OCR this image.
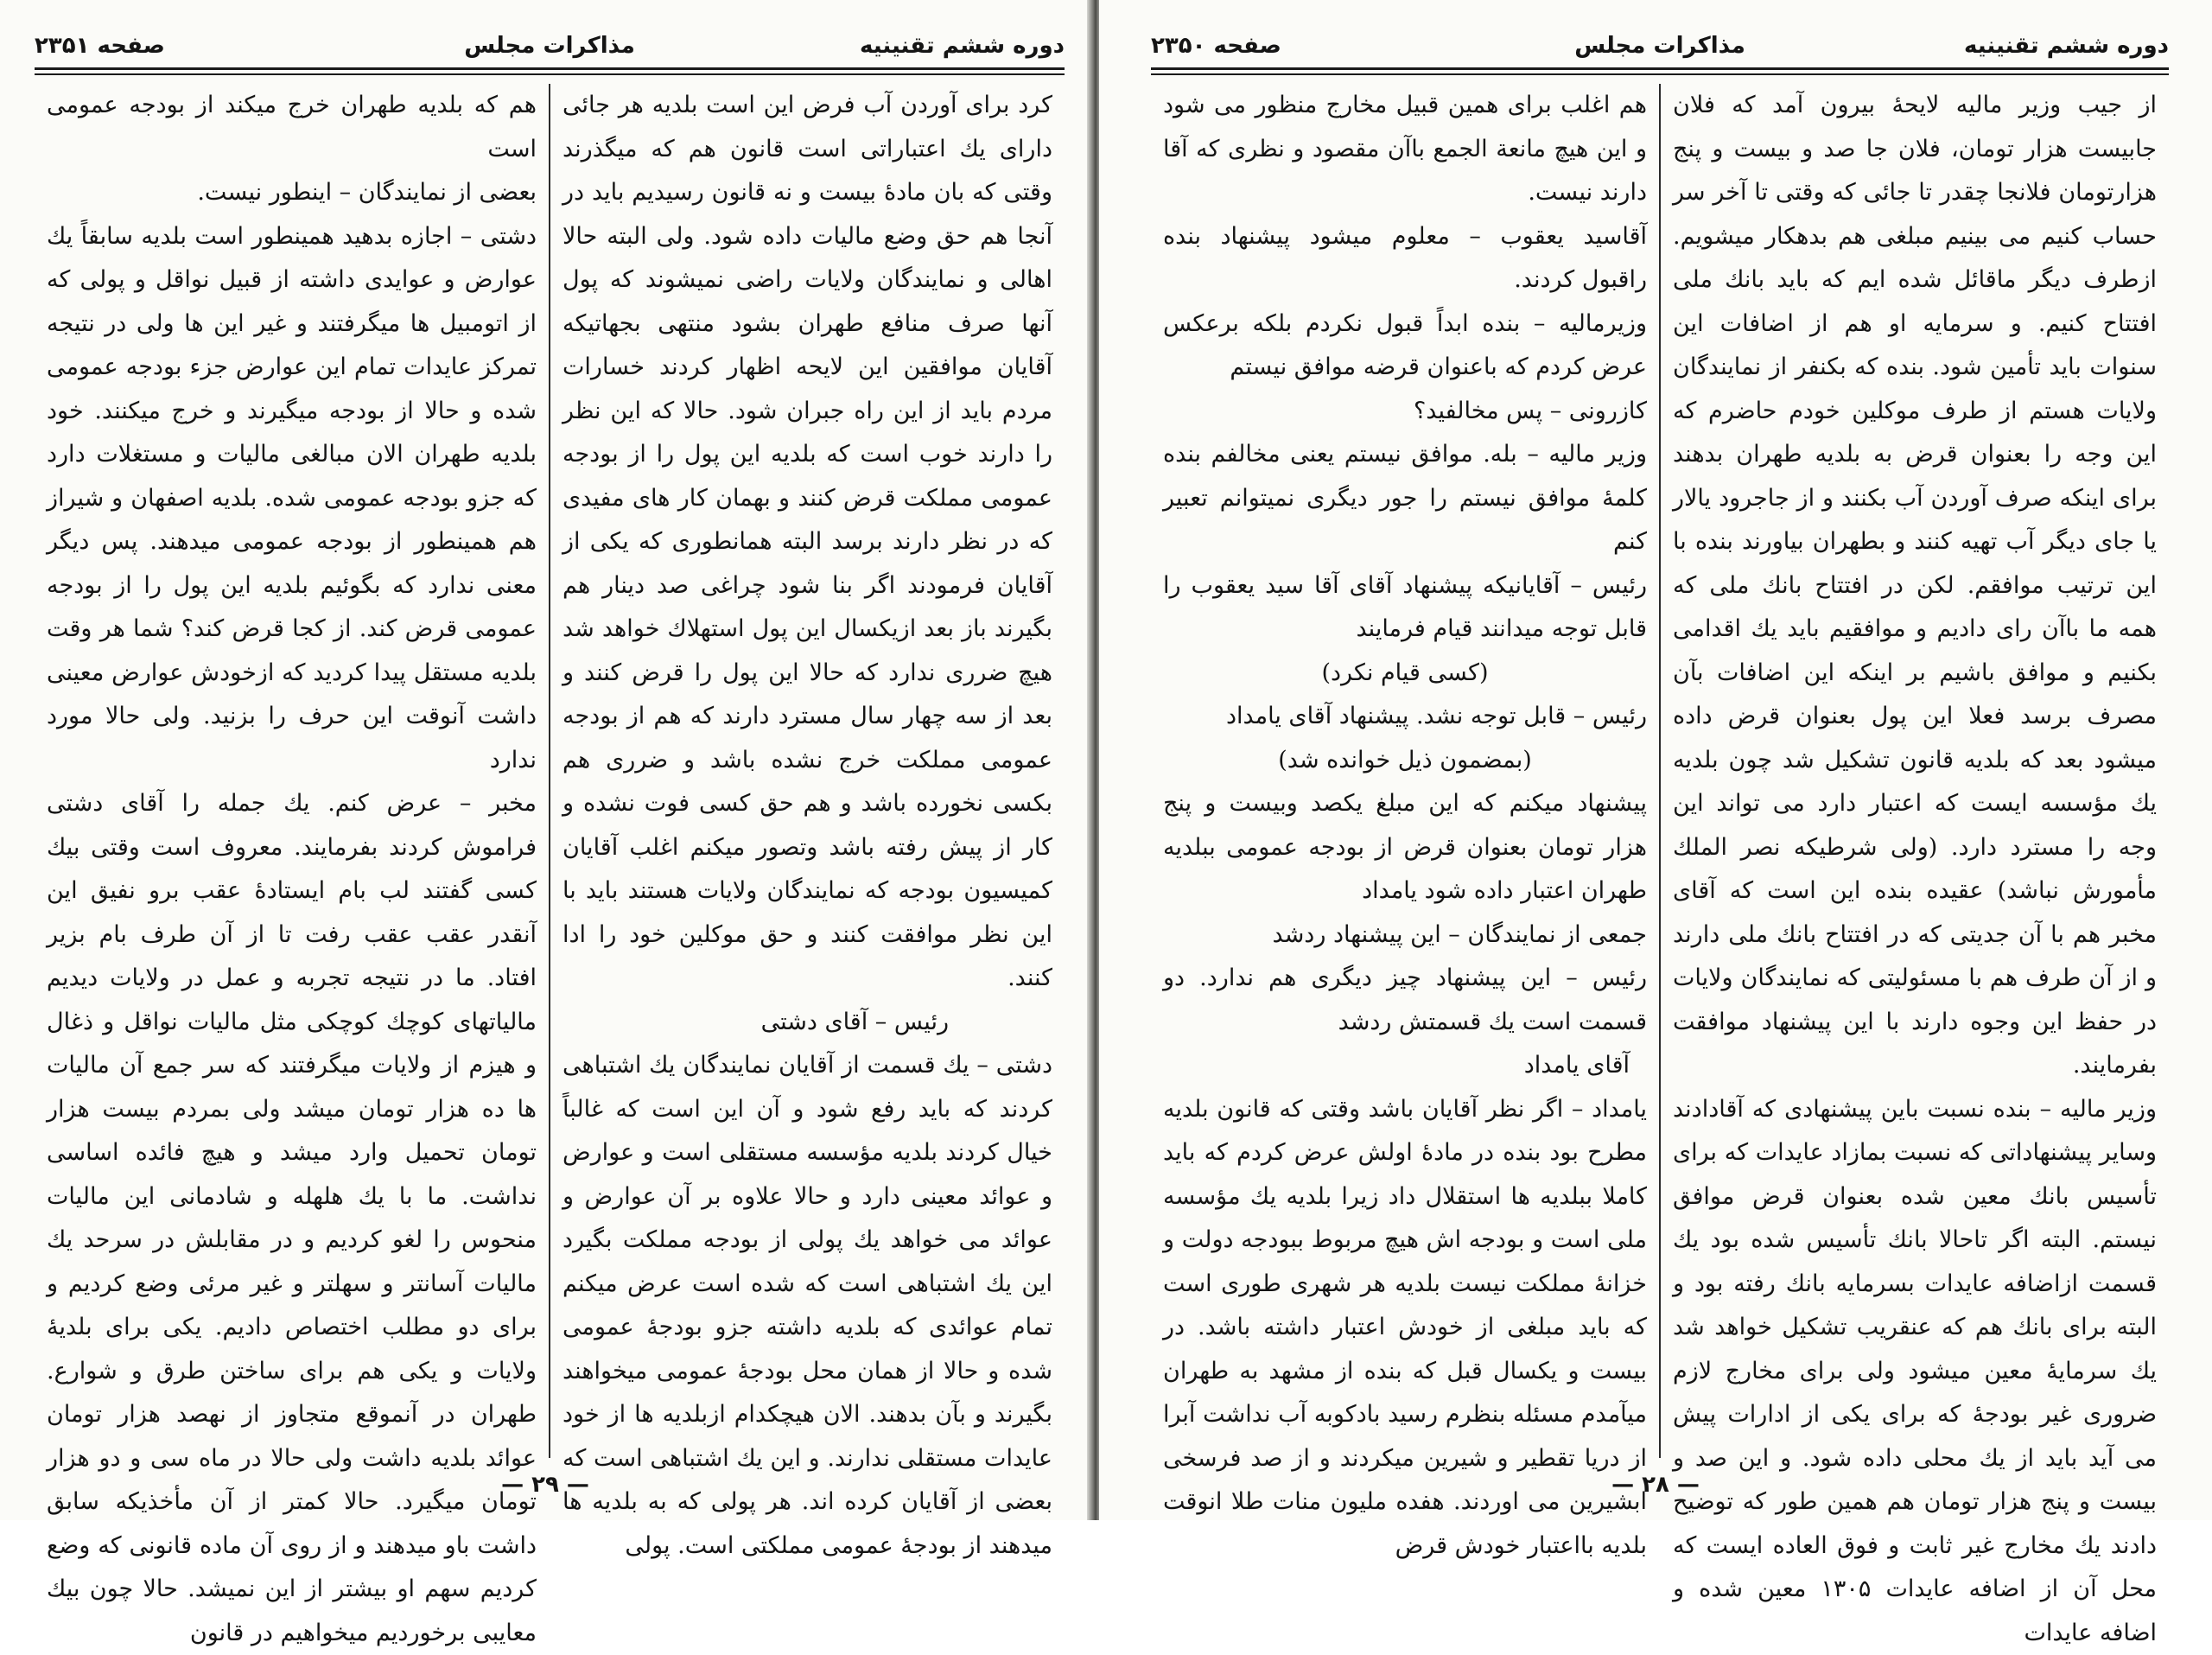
دوره ششم تقنینیه
مذاکرات مجلس
صفحه ۲۳۵۱

کرد برای آوردن آب فرض این است بلدیه هر جائی دارای یك اعتباراتی است قانون هم که میگذرند وقتی که بان مادهٔ بیست و نه قانون رسیدیم باید در آنجا هم حق وضع مالیات داده شود. ولی البته حالا اهالی و نمایندگان ولایات راضی نمیشوند که پول آنها صرف منافع طهران بشود منتهی بجهاتیکه آقایان موافقین این لایحه اظهار کردند خسارات مردم باید از این راه جبران شود. حالا که این نظر را دارند خوب است که بلدیه این پول را از بودجه عمومی مملکت قرض کنند و بهمان کار های مفیدی که در نظر دارند برسد البته همانطوری که یکی از آقایان فرمودند اگر بنا شود چراغی صد دینار هم بگیرند باز بعد ازیکسال این پول استهلاك خواهد شد هیچ ضرری ندارد که حالا این پول را قرض کنند و بعد از سه چهار سال مسترد دارند که هم از بودجه عمومی مملکت خرج نشده باشد و ضرری هم بکسی نخورده باشد و هم حق کسی فوت نشده و کار از پیش رفته باشد وتصور میکنم اغلب آقایان کمیسیون بودجه که نمایندگان ولایات هستند باید با این نظر موافقت کنند و حق موکلین خود را ادا کنند.

رئیس – آقای دشتی

دشتی – یك قسمت از آقایان نمایندگان یك اشتباهی کردند که باید رفع شود و آن این است که غالباً خیال کردند بلدیه مؤسسه مستقلی است و عوارض و عوائد معینی دارد و حالا علاوه بر آن عوارض و عوائد می خواهد یك پولی از بودجه مملکت بگیرد این یك اشتباهی است که شده است عرض میکنم تمام عوائدی که بلدیه داشته جزو بودجهٔ عمومی شده و حالا از همان محل بودجهٔ عمومی میخواهند بگیرند و بآن بدهند. الان هیچکدام ازبلدیه ها از خود عایدات مستقلی ندارند. و این یك اشتباهی است که بعضی از آقایان کرده اند. هر پولی که به بلدیه ها میدهند از بودجهٔ عمومی مملکتی است. پولی

هم که بلدیه طهران خرج میکند از بودجه عمومی است

بعضی از نمایندگان – اینطور نیست.

دشتی – اجازه بدهید همینطور است بلدیه سابقاً یك عوارض و عوایدی داشته از قبیل نواقل و پولی که از اتومبیل ها میگرفتند و غیر این ها ولی در نتیجه تمرکز عایدات تمام این عوارض جزء بودجه عمومی شده و حالا از بودجه میگیرند و خرج میکنند. خود بلدیه طهران الان مبالغی مالیات و مستغلات دارد که جزو بودجه عمومی شده. بلدیه اصفهان و شیراز هم همینطور از بودجه عمومی میدهند. پس دیگر معنی ندارد که بگوئیم بلدیه این پول را از بودجه عمومی قرض کند. از کجا قرض کند؟ شما هر وقت بلدیه مستقل پیدا کردید که ازخودش عوارض معینی داشت آنوقت این حرف را بزنید. ولی حالا مورد ندارد

مخبر – عرض کنم. یك جمله را آقای دشتی فراموش کردند بفرمایند. معروف است وقتی بیك کسی گفتند لب بام ایستادهٔ عقب برو نفیق این آنقدر عقب عقب رفت تا از آن طرف بام بزیر افتاد. ما در نتیجه تجربه و عمل در ولایات دیدیم مالیاتهای کوچك کوچکی مثل مالیات نواقل و ذغال و هیزم از ولایات میگرفتند که سر جمع آن مالیات ها ده هزار تومان میشد ولی بمردم بیست هزار تومان تحمیل وارد میشد و هیچ فائده اساسی نداشت. ما با یك هلهله و شادمانی این مالیات منحوس را لغو کردیم و در مقابلش در سرحد یك مالیات آسانتر و سهلتر و غیر مرئی وضع کردیم و برای دو مطلب اختصاص دادیم. یکی برای بلدیهٔ ولایات و یکی هم برای ساختن طرق و شوارع. طهران در آنموقع متجاوز از نهصد هزار تومان عوائد بلدیه داشت ولی حالا در ماه سی و دو هزار تومان میگیرد. حالا کمتر از آن مأخذیکه سابق داشت باو میدهند و از روی آن ماده قانونی که وضع کردیم سهم او بیشتر از این نمیشد. حالا چون بیك معایبی برخوردیم میخواهیم در قانون

— ۲۹ —
دوره ششم تقنینیه
مذاکرات مجلس
صفحه ۲۳۵۰

از جیب وزیر مالیه لایحهٔ بیرون آمد که فلان جابیست هزار تومان، فلان جا صد و بیست و پنج هزارتومان فلانجا چقدر تا جائی که وقتی تا آخر سر حساب کنیم می بینیم مبلغی هم بدهکار میشویم. ازطرف دیگر ماقائل شده ایم که باید بانك ملی افتتاح کنیم. و سرمایه او هم از اضافات این سنوات باید تأمین شود. بنده که بکنفر از نمایندگان ولایات هستم از طرف موکلین خودم حاضرم که این وجه را بعنوان قرض به بلدیه طهران بدهند برای اینکه صرف آوردن آب بکنند و از جاجرود یالار یا جای دیگر آب تهیه کنند و بطهران بیاورند بنده با این ترتیب موافقم. لکن در افتتاح بانك ملی که همه ما باآن رای دادیم و موافقیم باید یك اقدامی بکنیم و موافق باشیم بر اینکه این اضافات بآن مصرف برسد فعلا این پول بعنوان قرض داده میشود بعد که بلدیه قانون تشکیل شد چون بلدیه یك مؤسسه ایست که اعتبار دارد می تواند این وجه را مسترد دارد. (ولی شرطیکه نصر الملك مأمورش نباشد) عقیده بنده این است که آقای مخبر هم با آن جدیتی که در افتتاح بانك ملی دارند و از آن طرف هم با مسئولیتی که نمایندگان ولایات در حفظ این وجوه دارند با این پیشنهاد موافقت بفرمایند.

وزیر مالیه – بنده نسبت باین پیشنهادی که آقادادند وسایر پیشنهاداتی که نسبت بمازاد عایدات که برای تأسیس بانك معین شده بعنوان قرض موافق نیستم. البته اگر تاحالا بانك تأسیس شده بود یك قسمت ازاضافه عایدات بسرمایه بانك رفته بود و البته برای بانك هم که عنقریب تشکیل خواهد شد یك سرمایهٔ معین میشود ولی برای مخارج لازم ضروری غیر بودجهٔ که برای یکی از ادارات پیش می آید باید از یك محلی داده شود. و این صد و بیست و پنج هزار تومان هم همین طور که توضیح دادند یك مخارج غیر ثابت و فوق العاده ایست که محل آن از اضافه عایدات ۱۳۰۵ معین شده و اضافه عایدات

هم اغلب برای همین قبیل مخارج منظور می شود و این هیچ مانعة الجمع باآن مقصود و نظری که آقا دارند نیست.

آقاسید یعقوب – معلوم میشود پیشنهاد بنده راقبول کردند.

وزیرمالیه – بنده ابداً قبول نکردم بلکه برعکس عرض کردم که باعنوان قرضه موافق نیستم

کازرونی – پس مخالفید؟

وزیر مالیه – بله. موافق نیستم یعنی مخالفم بنده کلمهٔ موافق نیستم را جور دیگری نمیتوانم تعبیر کنم

رئیس – آقایانیکه پیشنهاد آقای آقا سید یعقوب را قابل توجه میدانند قیام فرمایند

(کسی قیام نکرد)

رئیس – قابل توجه نشد. پیشنهاد آقای یامداد

(بمضمون ذیل خوانده شد)

پیشنهاد میکنم که این مبلغ یکصد وبیست و پنج هزار تومان بعنوان قرض از بودجه عمومی ببلدیه طهران اعتبار داده شود یامداد

جمعی از نمایندگان – این پیشنهاد ردشد

رئیس – این پیشنهاد چیز دیگری هم ندارد. دو قسمت است یك قسمتش ردشد

آقای یامداد

یامداد – اگر نظر آقایان باشد وقتی که قانون بلدیه مطرح بود بنده در مادهٔ اولش عرض کردم که باید کاملا ببلدیه ها استقلال داد زیرا بلدیه یك مؤسسه ملی است و بودجه اش هیچ مربوط ببودجه دولت و خزانهٔ مملکت نیست بلدیه هر شهری طوری است که باید مبلغی از خودش اعتبار داشته باشد. در بیست و یکسال قبل که بنده از مشهد به طهران میآمدم مسئله بنظرم رسید بادکوبه آب نداشت آبرا از دریا تقطیر و شیرین میکردند و از صد فرسخی ابشیرین می اوردند. هفده ملیون منات طلا انوقت بلدیه بااعتبار خودش قرض

— ۲۸ —
